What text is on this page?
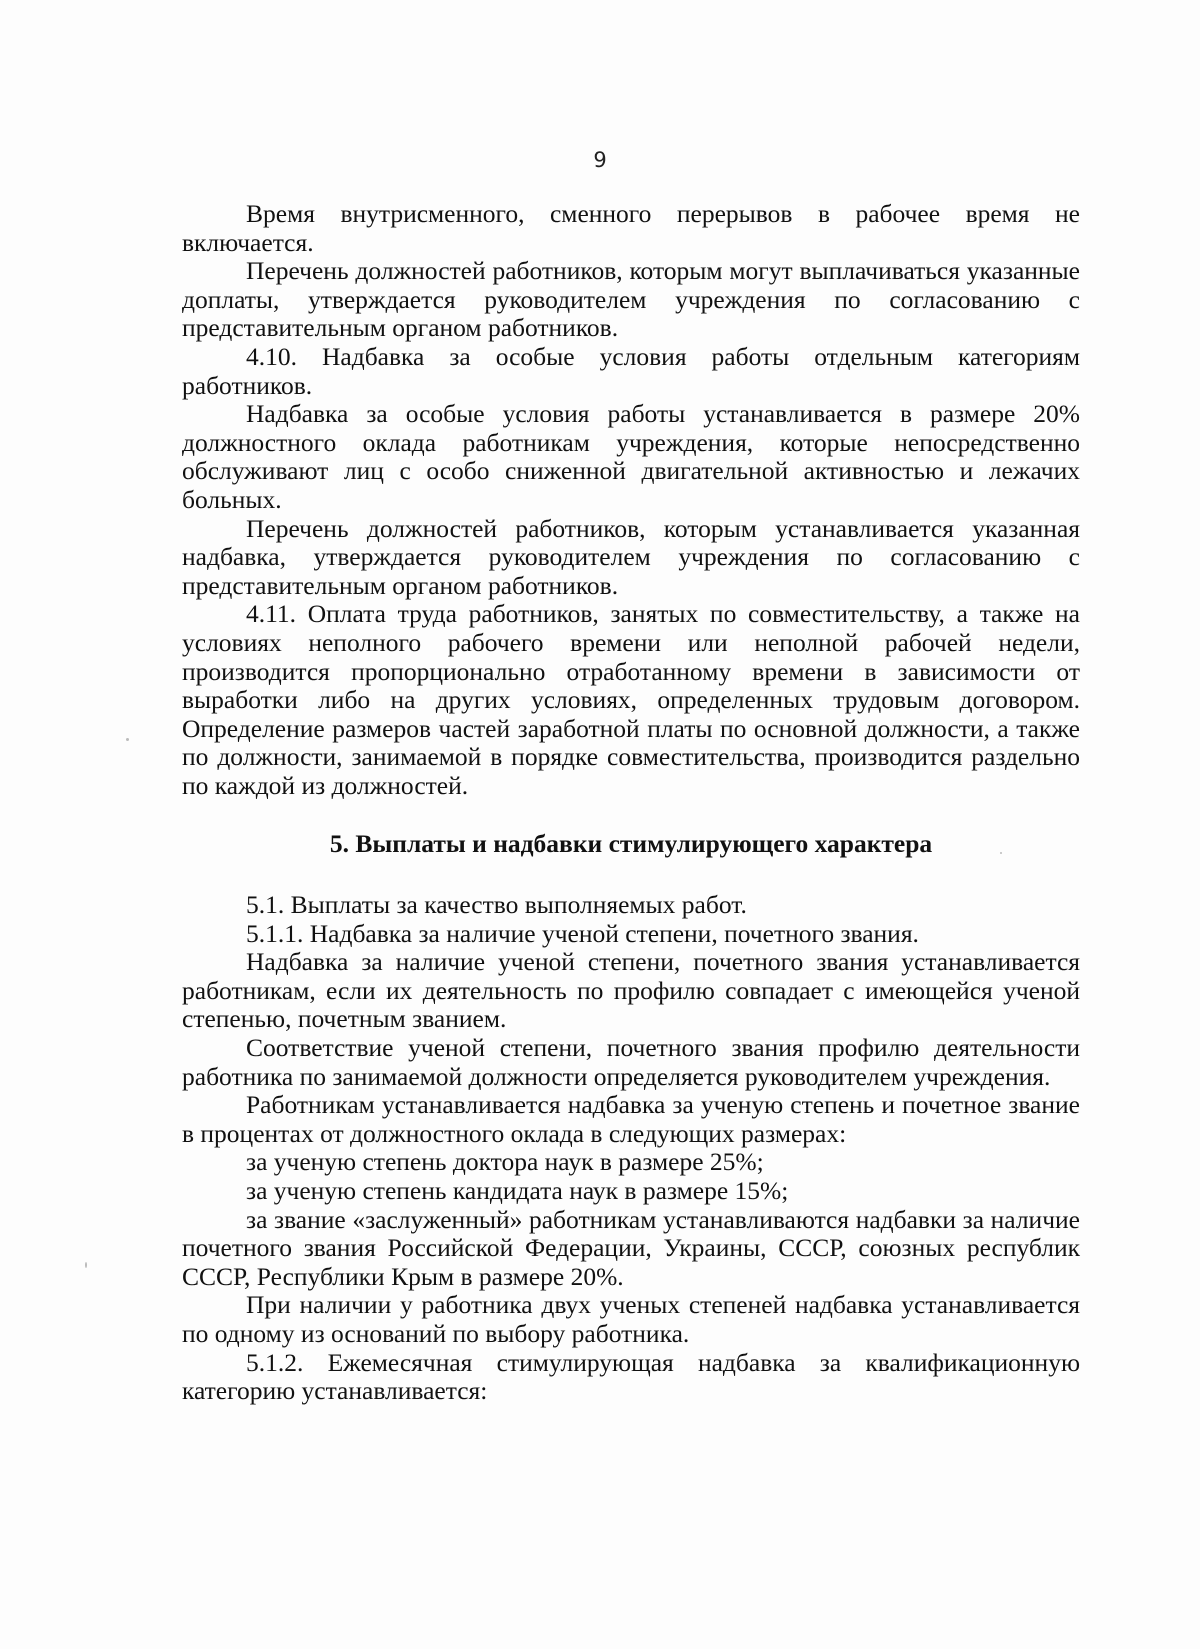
9

Время внутрисменного, сменного перерывов в рабочее время не включается.

Перечень должностей работников, которым могут выплачиваться указанные доплаты, утверждается руководителем учреждения по согласованию с представительным органом работников.

4.10. Надбавка за особые условия работы отдельным категориям работников.

Надбавка за особые условия работы устанавливается в размере 20% должностного оклада работникам учреждения, которые непосредственно обслуживают лиц с особо сниженной двигательной активностью и лежачих больных.

Перечень должностей работников, которым устанавливается указанная надбавка, утверждается руководителем учреждения по согласованию с представительным органом работников.

4.11. Оплата труда работников, занятых по совместительству, а также на условиях неполного рабочего времени или неполной рабочей недели, производится пропорционально отработанному времени в зависимости от выработки либо на других условиях, определенных трудовым договором. Определение размеров частей заработной платы по основной должности, а также по должности, занимаемой в порядке совместительства, производится раздельно по каждой из должностей.

5. Выплаты и надбавки стимулирующего характера

5.1. Выплаты за качество выполняемых работ.

5.1.1. Надбавка за наличие ученой степени, почетного звания.

Надбавка за наличие ученой степени, почетного звания устанавливается работникам, если их деятельность по профилю совпадает с имеющейся ученой степенью, почетным званием.

Соответствие ученой степени, почетного звания профилю деятельности работника по занимаемой должности определяется руководителем учреждения.

Работникам устанавливается надбавка за ученую степень и почетное звание в процентах от должностного оклада в следующих размерах:

за ученую степень доктора наук в размере 25%;

за ученую степень кандидата наук в размере 15%;

за звание «заслуженный» работникам устанавливаются надбавки за наличие почетного звания Российской Федерации, Украины, СССР, союзных республик СССР, Республики Крым в размере 20%.

При наличии у работника двух ученых степеней надбавка устанавливается по одному из оснований по выбору работника.

5.1.2. Ежемесячная стимулирующая надбавка за квалификационную категорию устанавливается:
